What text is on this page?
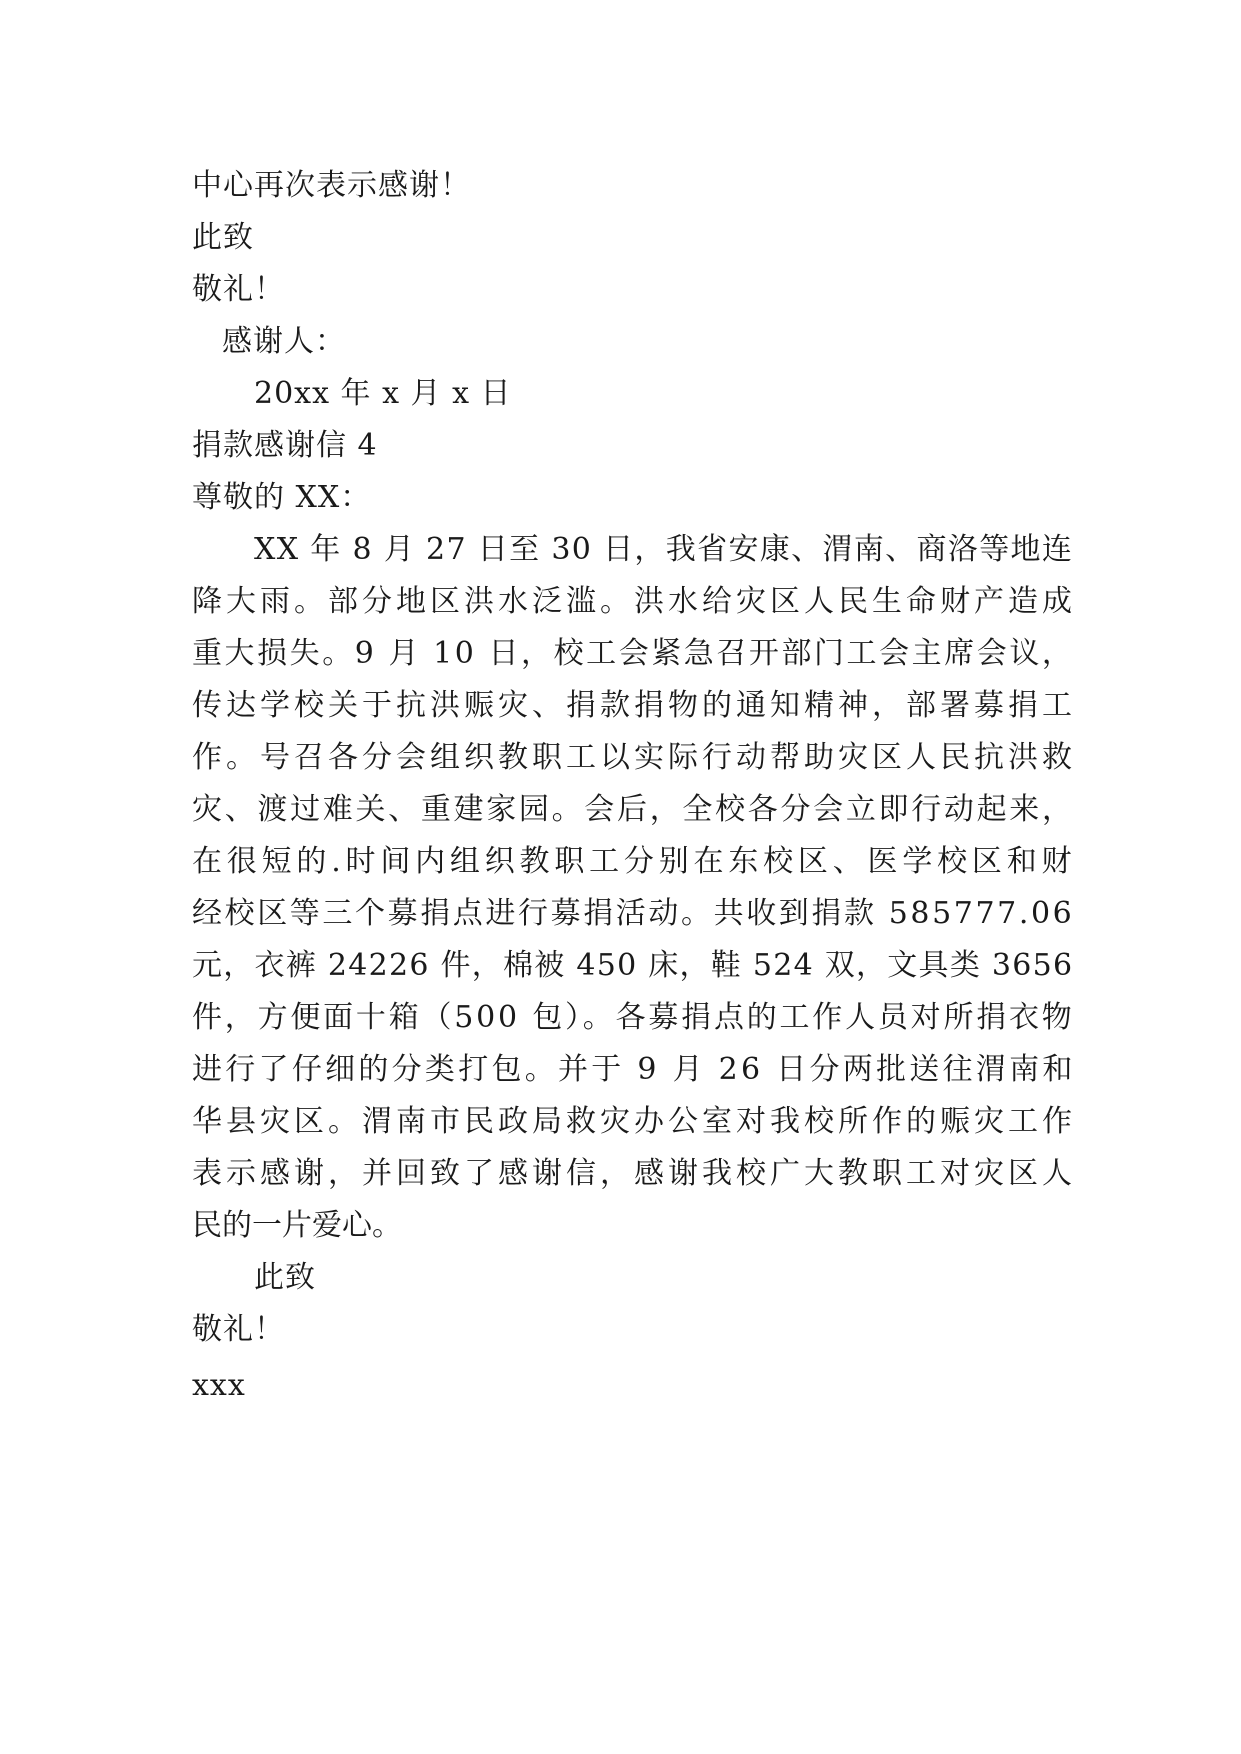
中心再次表示感谢！
此致
敬礼！
感谢人：
20xx 年 x 月 x 日
捐款感谢信 4
尊敬的 XX：
XX 年 8 月 27 日至 30 日，我省安康、渭南、商洛等地连
降大雨。部分地区洪水泛滥。洪水给灾区人民生命财产造成
重大损失。9 月 10 日，校工会紧急召开部门工会主席会议，
传达学校关于抗洪赈灾、捐款捐物的通知精神，部署募捐工
作。号召各分会组织教职工以实际行动帮助灾区人民抗洪救
灾、渡过难关、重建家园。会后，全校各分会立即行动起来，
在很短的.时间内组织教职工分别在东校区、医学校区和财
经校区等三个募捐点进行募捐活动。共收到捐款 585777.06
元，衣裤 24226 件，棉被 450 床，鞋 524 双，文具类 3656
件，方便面十箱（500 包）。各募捐点的工作人员对所捐衣物
进行了仔细的分类打包。并于 9 月 26 日分两批送往渭南和
华县灾区。渭南市民政局救灾办公室对我校所作的赈灾工作
表示感谢，并回致了感谢信，感谢我校广大教职工对灾区人
民的一片爱心。
此致
敬礼！
xxx
